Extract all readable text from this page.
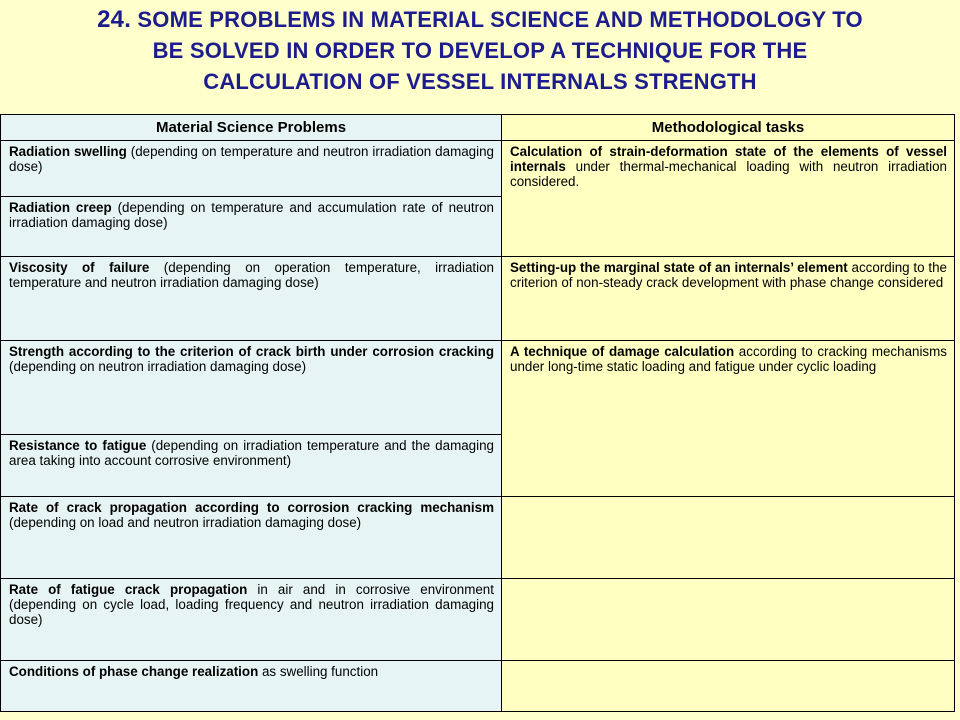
24. SOME PROBLEMS IN MATERIAL SCIENCE AND METHODOLOGY TO
BE SOLVED IN ORDER TO DEVELOP A TECHNIQUE FOR THE
CALCULATION OF VESSEL INTERNALS STRENGTH
Material Science Problems	Methodological tasks
Radiation swelling (depending on temperature and neutron irradiation damaging dose)	Calculation of strain-deformation state of the elements of vessel internals under thermal-mechanical loading with neutron irradiation considered.
Radiation creep (depending on temperature and accumulation rate of neutron irradiation damaging dose)	
Viscosity of failure (depending on operation temperature, irradiation temperature and neutron irradiation damaging dose)	Setting-up the marginal state of an internals’ element according to the criterion of non-steady crack development with phase change considered
Strength according to the criterion of crack birth under corrosion cracking (depending on neutron irradiation damaging dose)	A technique of damage calculation according to cracking mechanisms under long-time static loading and fatigue under cyclic loading
Resistance to fatigue (depending on irradiation temperature and the damaging area taking into account corrosive environment)	
Rate of crack propagation according to corrosion cracking mechanism (depending on load and neutron irradiation damaging dose)	
Rate of fatigue crack propagation in air and in corrosive environment (depending on cycle load, loading frequency and neutron irradiation damaging dose)	
Conditions of phase change realization as swelling function	
